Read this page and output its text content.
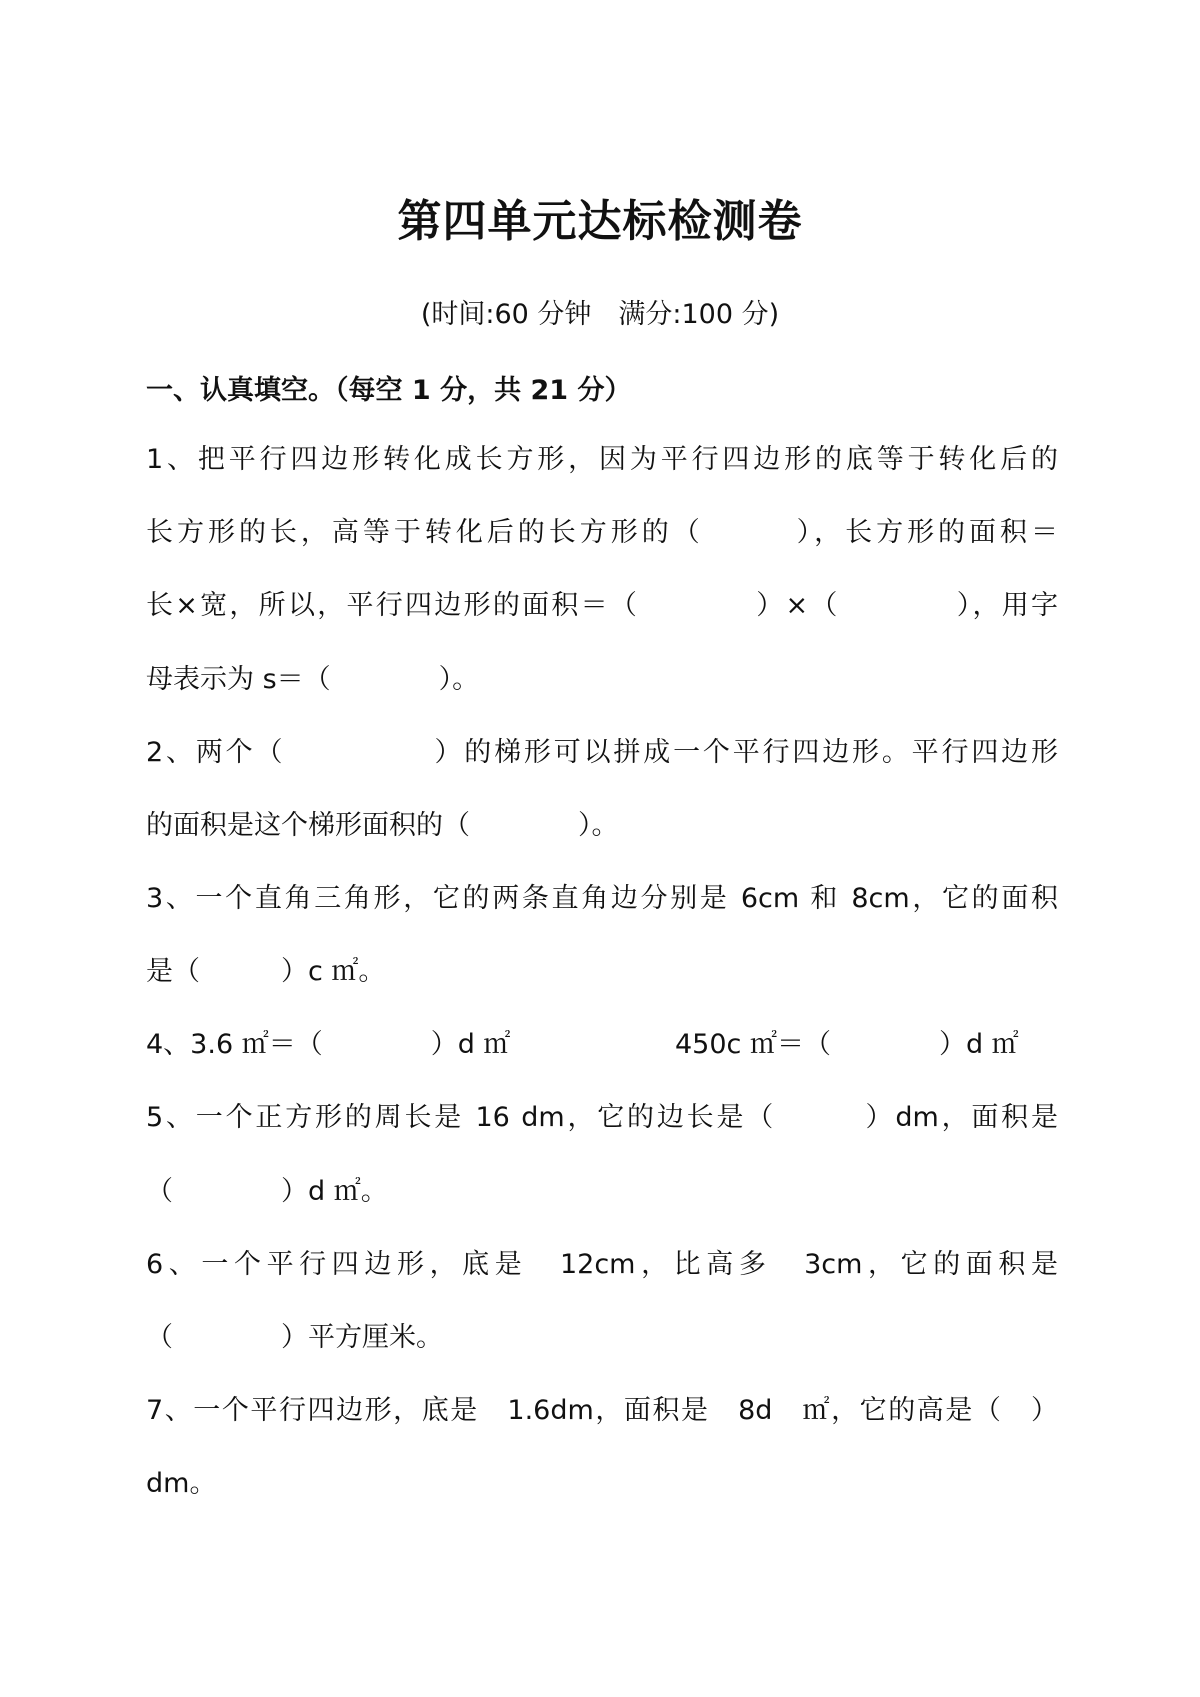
第四单元达标检测卷
(时间:60 分钟　满分:100 分)
一、认真填空。（每空 1 分，共 21 分）
1、把平行四边形转化成长方形，因为平行四边形的底等于转化后的
长方形的长，高等于转化后的长方形的（　　　），长方形的面积＝
长×宽，所以，平行四边形的面积＝（　　　　）×（　　　　），用字
母表示为 s＝（　　　　）。
2、两个（　　　　　）的梯形可以拼成一个平行四边形。平行四边形
的面积是这个梯形面积的（　　　　）。
3、一个直角三角形，它的两条直角边分别是 6cm 和 8cm，它的面积
是（　　　）c ㎡。
4、3.6 ㎡＝（　　　　）d ㎡	450c ㎡＝（　　　　）d ㎡
5、一个正方形的周长是 16 dm，它的边长是（　　　）dm，面积是
（　　　　）d ㎡。
6、一个平行四边形，底是　12cm，比高多　3cm，它的面积是
（　　　　）平方厘米。
7、一个平行四边形，底是　1.6dm，面积是　8d　㎡，它的高是（　）
dm。
